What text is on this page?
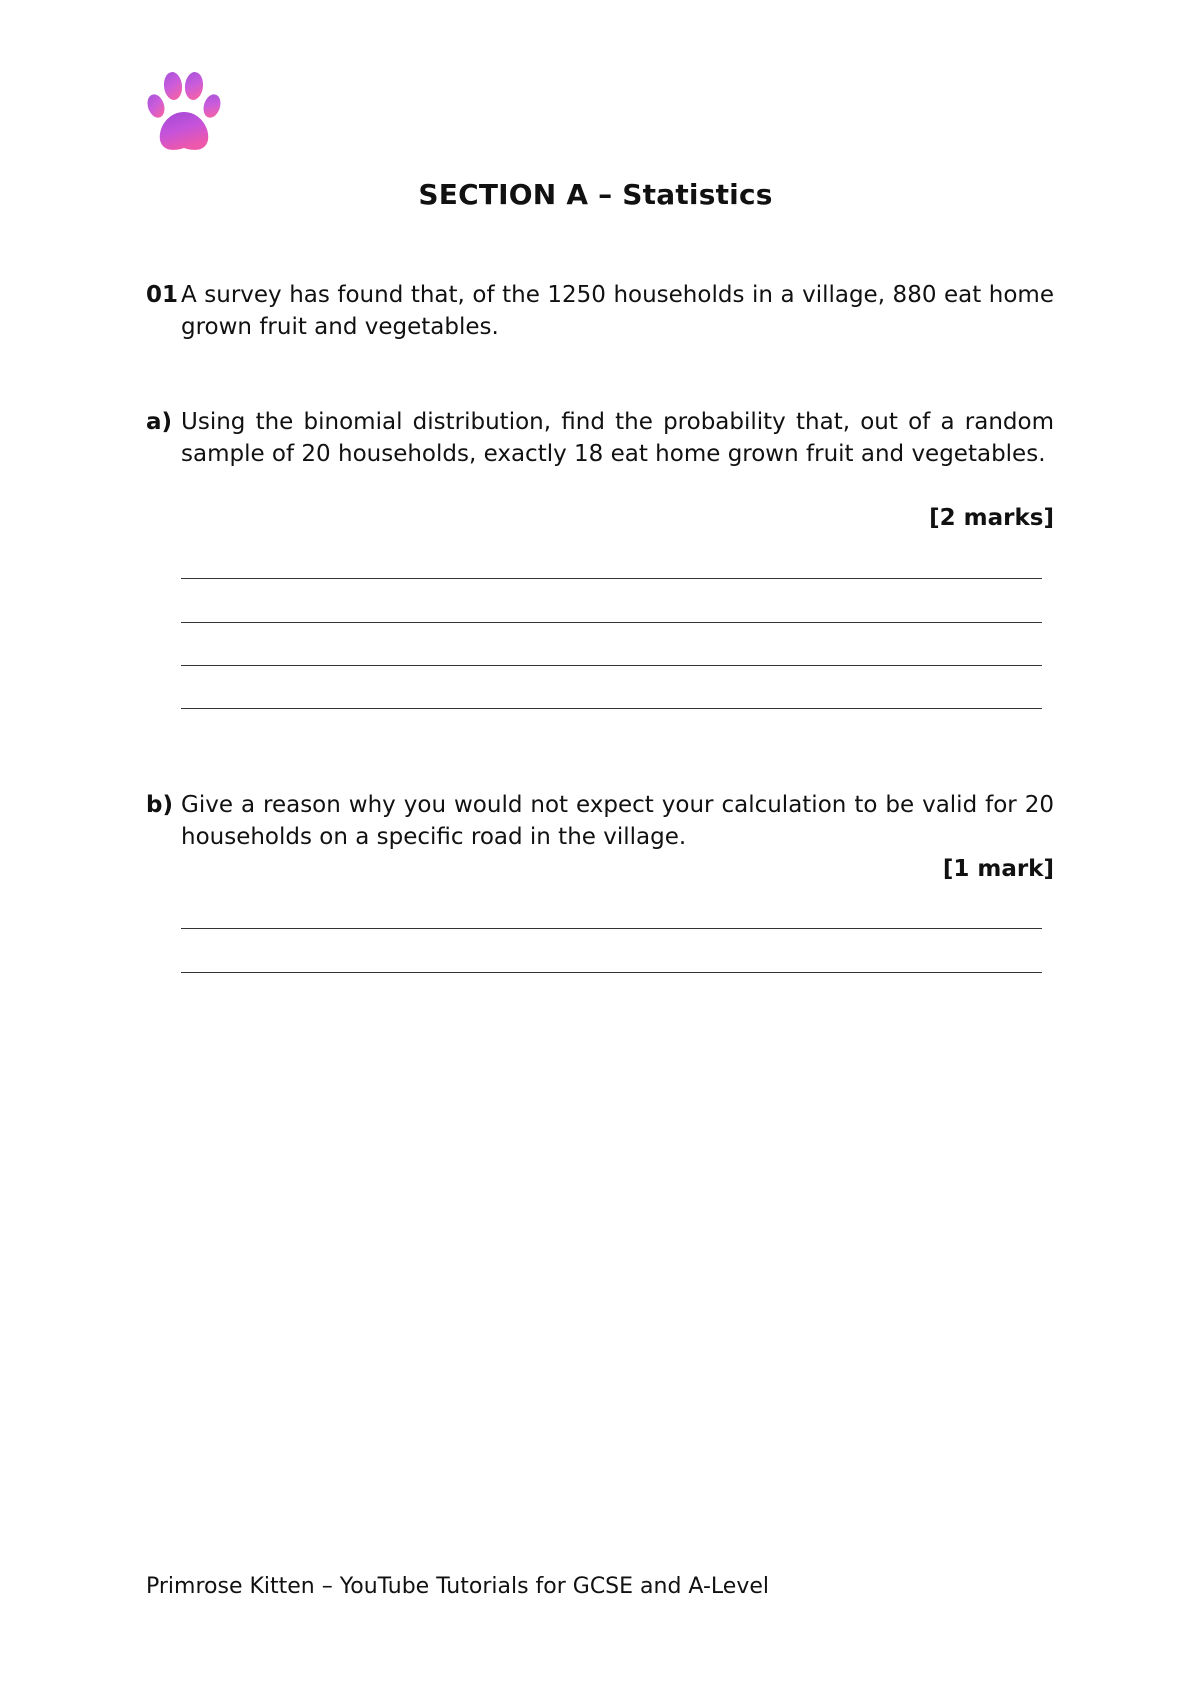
SECTION A – Statistics
01 A survey has found that, of the 1250 households in a village, 880 eat home grown fruit and vegetables.

a) Using the binomial distribution, find the probability that, out of a random sample of 20 households, exactly 18 eat home grown fruit and vegetables.

[2 marks]
b) Give a reason why you would not expect your calculation to be valid for 20 households on a specific road in the village.

[1 mark]
Primrose Kitten – YouTube Tutorials for GCSE and A-Level
